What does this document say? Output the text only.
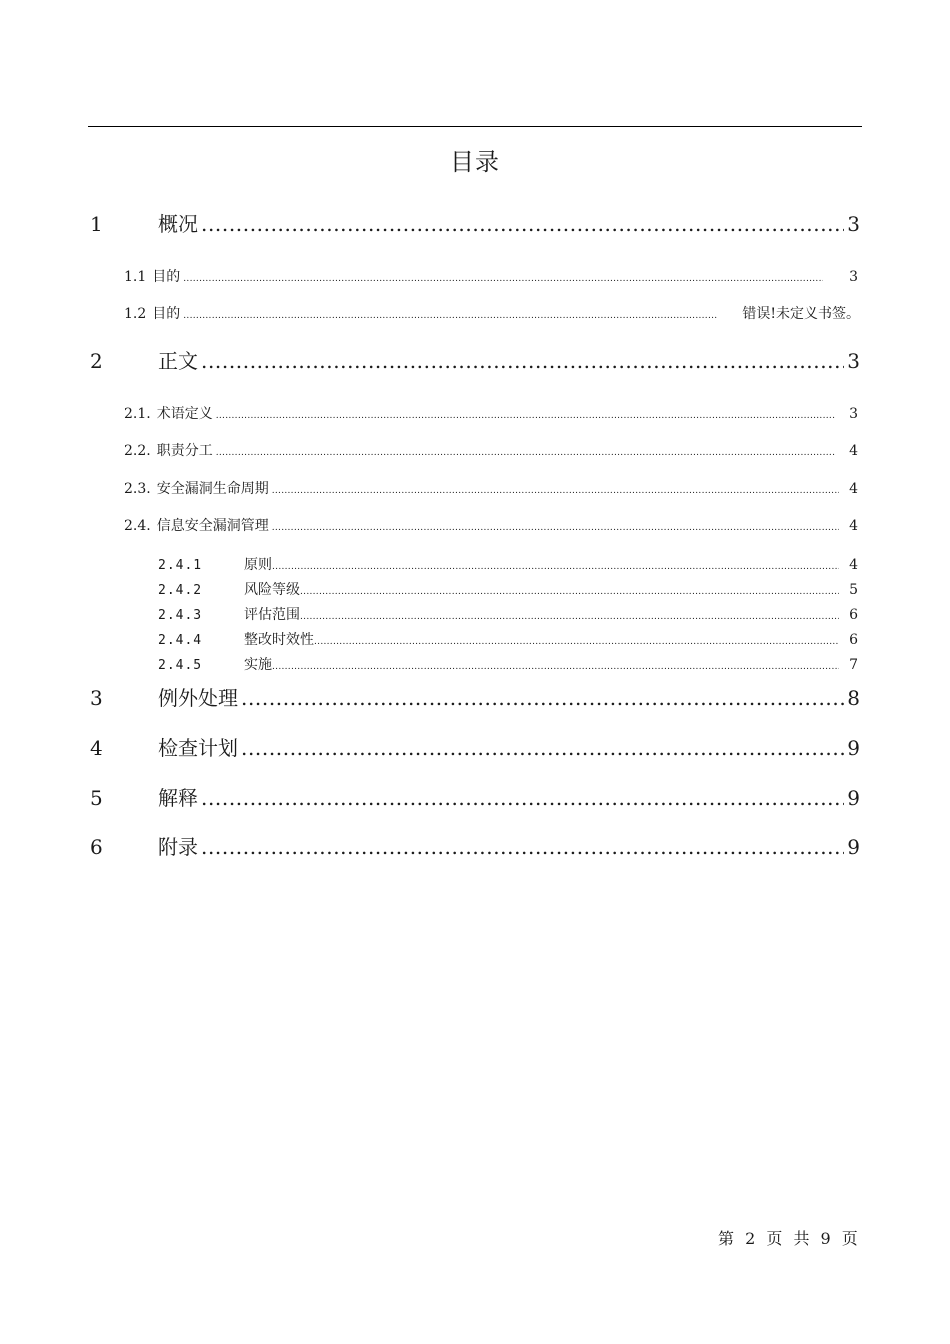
目录
1	概况 .....	3
1.1 目的 .....	3
1.2 目的 .....	错误!未定义书签。
2	正文 .....	3
2.1. 术语定义 .....	3
2.2. 职责分工 .....	4
2.3. 安全漏洞生命周期 .....	4
2.4. 信息安全漏洞管理 .....	4
2.4.1	原则 .....	4
2.4.2	风险等级 .....	5
2.4.3	评估范围 .....	6
2.4.4	整改时效性 .....	6
2.4.5	实施 .....	7
3	例外处理 .....	8
4	检查计划 .....	9
5	解释 .....	9
6	附录 .....	9
第 2 页 共 9 页
